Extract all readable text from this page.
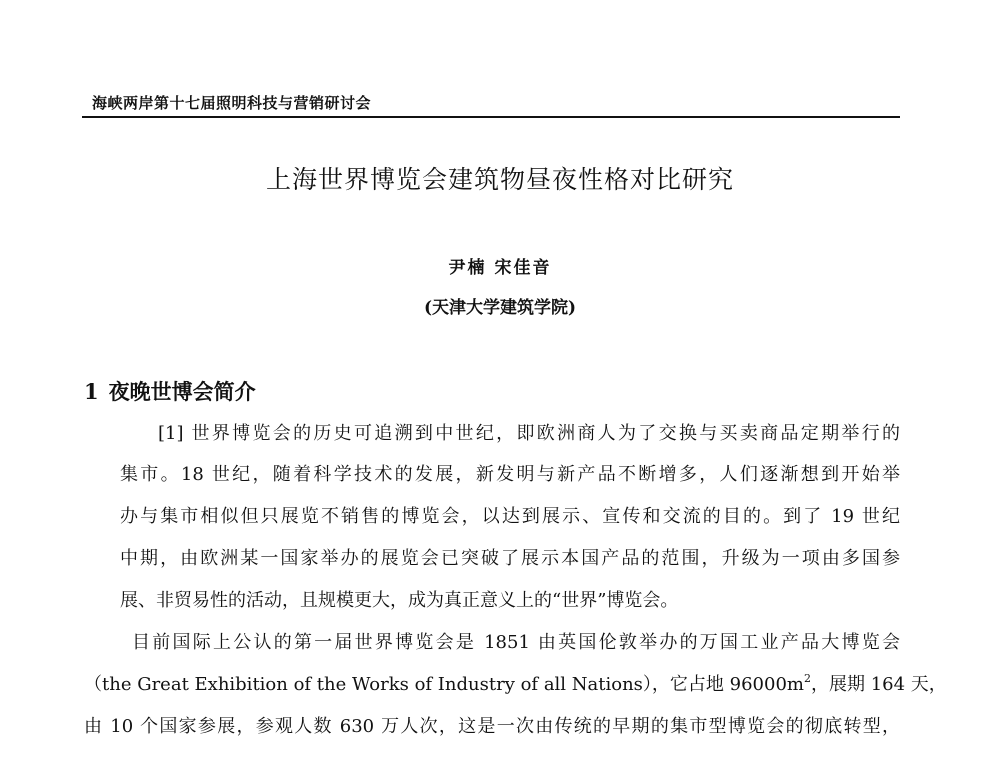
海峡两岸第十七届照明科技与营销研讨会
上海世界博览会建筑物昼夜性格对比研究
尹楠 宋佳音
(天津大学建筑学院)
1 夜晚世博会简介
[1] 世界博览会的历史可追溯到中世纪，即欧洲商人为了交换与买卖商品定期举行的
集市。18 世纪，随着科学技术的发展，新发明与新产品不断增多，人们逐渐想到开始举
办与集市相似但只展览不销售的博览会，以达到展示、宣传和交流的目的。到了 19 世纪
中期，由欧洲某一国家举办的展览会已突破了展示本国产品的范围，升级为一项由多国参
展、非贸易性的活动，且规模更大，成为真正意义上的“世界”博览会。
目前国际上公认的第一届世界博览会是 1851 由英国伦敦举办的万国工业产品大博览会
（the Great Exhibition of the Works of Industry of all Nations），它占地 $96000m^2$，展期 164 天，
由 10 个国家参展，参观人数 630 万人次，这是一次由传统的早期的集市型博览会的彻底转型，
